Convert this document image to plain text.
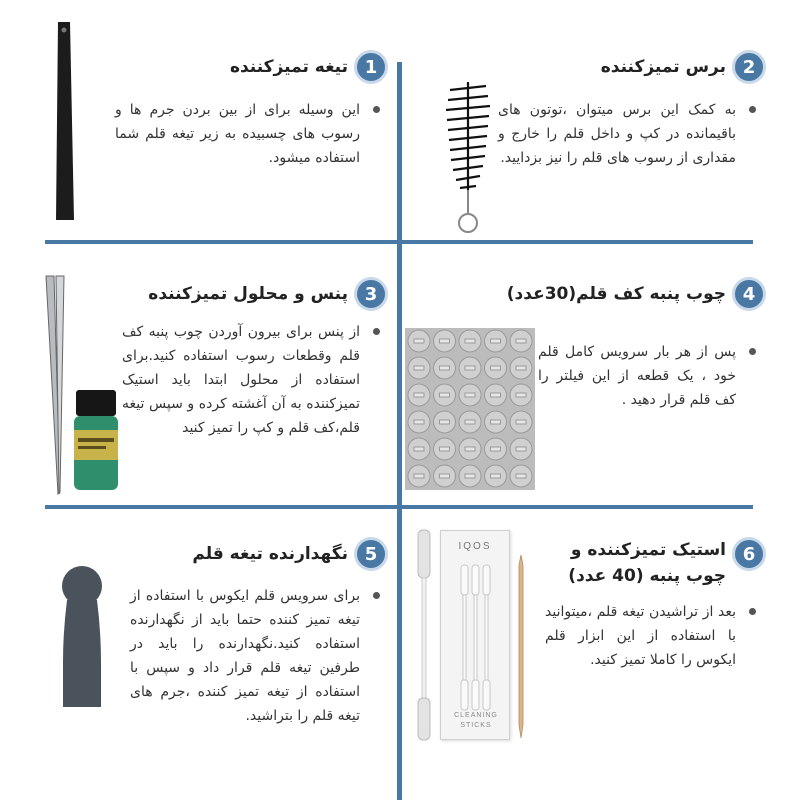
1
تیغه تمیزکننده
این وسیله برای از بین بردن جرم ها و رسوب های چسبیده به زیر تیغه قلم شما استفاده میشود.
2
برس تمیزکننده
به کمک این برس میتوان ،توتون های باقیمانده در کپ و داخل قلم را خارج و مقداری از رسوب های قلم را نیز بزدایید.
3
پنس و محلول تمیزکننده
از پنس برای بیرون آوردن چوب پنبه کف قلم وقطعات رسوب استفاده کنید.برای استفاده از محلول ابتدا باید استیک تمیزکننده به آن آغشته کرده و سپس تیغه قلم،کف قلم و کپ را تمیز کنید
4
چوب پنبه کف قلم(30عدد)
پس از هر بار سرویس کامل قلم خود ، یک قطعه از این فیلتر را کف قلم قرار دهید .
5
نگهدارنده تیغه قلم
برای سرویس قلم ایکوس با استفاده از تیغه تمیز کننده حتما باید از نگهدارنده استفاده کنید.نگهدارنده را باید در طرفین تیغه قلم قرار داد و سپس با استفاده از تیغه تمیز کننده ،جرم های تیغه قلم را بتراشید.
6
استیک تمیزکننده و چوب پنبه (40 عدد)
بعد از تراشیدن تیغه قلم ،میتوانید با استفاده از این ابزار قلم ایکوس را کاملا تمیز کنید.
IQOS
CLEANING STICKS
